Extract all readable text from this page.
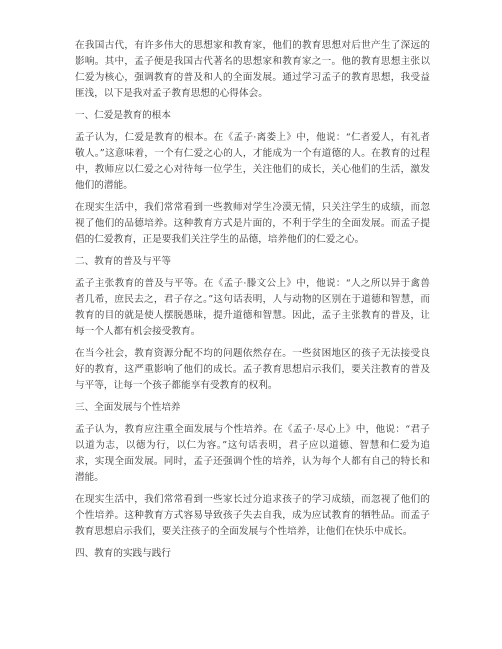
在我国古代，有许多伟大的思想家和教育家，他们的教育思想对后世产生了深远的影响。其中，孟子便是我国古代著名的思想家和教育家之一。他的教育思想主张以仁爱为核心，强调教育的普及和人的全面发展。通过学习孟子的教育思想，我受益匪浅，以下是我对孟子教育思想的心得体会。

一、仁爱是教育的根本

孟子认为，仁爱是教育的根本。在《孟子·离娄上》中，他说：“仁者爱人，有礼者敬人。”这意味着，一个有仁爱之心的人，才能成为一个有道德的人。在教育的过程中，教师应以仁爱之心对待每一位学生，关注他们的成长，关心他们的生活，激发他们的潜能。

在现实生活中，我们常常看到一些教师对学生冷漠无情，只关注学生的成绩，而忽视了他们的品德培养。这种教育方式是片面的，不利于学生的全面发展。而孟子提倡的仁爱教育，正是要我们关注学生的品德，培养他们的仁爱之心。

二、教育的普及与平等

孟子主张教育的普及与平等。在《孟子·滕文公上》中，他说：“人之所以异于禽兽者几希，庶民去之，君子存之。”这句话表明，人与动物的区别在于道德和智慧，而教育的目的就是使人摆脱愚昧，提升道德和智慧。因此，孟子主张教育的普及，让每一个人都有机会接受教育。

在当今社会，教育资源分配不均的问题依然存在。一些贫困地区的孩子无法接受良好的教育，这严重影响了他们的成长。孟子教育思想启示我们，要关注教育的普及与平等，让每一个孩子都能享有受教育的权利。

三、全面发展与个性培养

孟子认为，教育应注重全面发展与个性培养。在《孟子·尽心上》中，他说：“君子以道为志，以德为行，以仁为容。”这句话表明，君子应以道德、智慧和仁爱为追求，实现全面发展。同时，孟子还强调个性的培养，认为每个人都有自己的特长和潜能。

在现实生活中，我们常常看到一些家长过分追求孩子的学习成绩，而忽视了他们的个性培养。这种教育方式容易导致孩子失去自我，成为应试教育的牺牲品。而孟子教育思想启示我们，要关注孩子的全面发展与个性培养，让他们在快乐中成长。

四、教育的实践与践行
